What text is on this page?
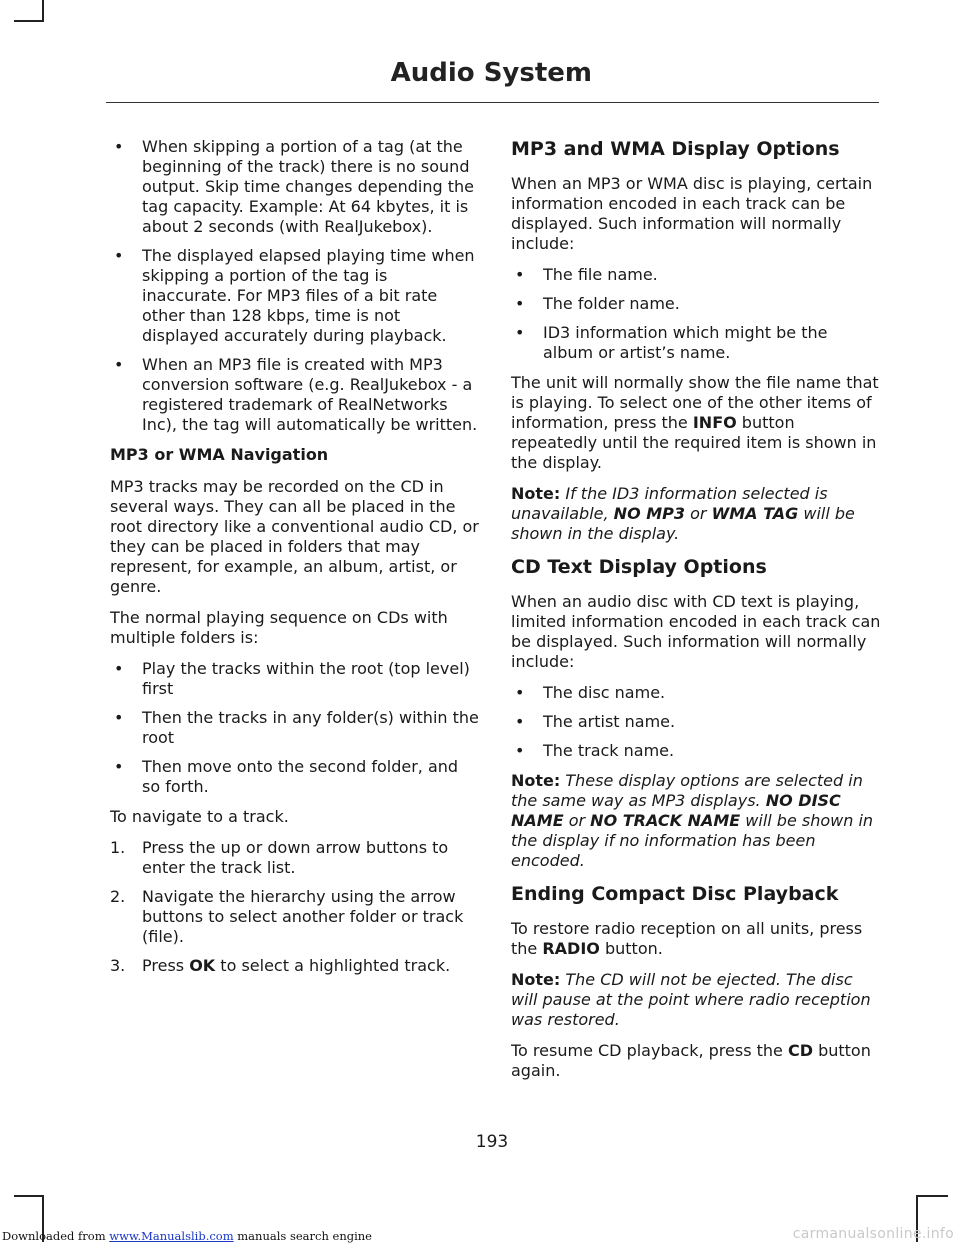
Audio System
• When skipping a portion of a tag (at the beginning of the track) there is no sound output. Skip time changes depending the tag capacity. Example: At 64 kbytes, it is about 2 seconds (with RealJukebox).
• The displayed elapsed playing time when skipping a portion of the tag is inaccurate. For MP3 files of a bit rate other than 128 kbps, time is not displayed accurately during playback.
• When an MP3 file is created with MP3 conversion software (e.g. RealJukebox - a registered trademark of RealNetworks Inc), the tag will automatically be written.
MP3 or WMA Navigation

MP3 tracks may be recorded on the CD in several ways. They can all be placed in the root directory like a conventional audio CD, or they can be placed in folders that may represent, for example, an album, artist, or genre.

The normal playing sequence on CDs with multiple folders is:

• Play the tracks within the root (top level) first
• Then the tracks in any folder(s) within the root
• Then move onto the second folder, and so forth.

To navigate to a track.

1. Press the up or down arrow buttons to enter the track list.
2. Navigate the hierarchy using the arrow buttons to select another folder or track (file).
3. Press OK to select a highlighted track.
MP3 and WMA Display Options

When an MP3 or WMA disc is playing, certain information encoded in each track can be displayed. Such information will normally include:

• The file name.
• The folder name.
• ID3 information which might be the album or artist’s name.

The unit will normally show the file name that is playing. To select one of the other items of information, press the INFO button repeatedly until the required item is shown in the display.

Note: If the ID3 information selected is unavailable, NO MP3 or WMA TAG will be shown in the display.

CD Text Display Options

When an audio disc with CD text is playing, limited information encoded in each track can be displayed. Such information will normally include:

• The disc name.
• The artist name.
• The track name.

Note: These display options are selected in the same way as MP3 displays. NO DISC NAME or NO TRACK NAME will be shown in the display if no information has been encoded.

Ending Compact Disc Playback

To restore radio reception on all units, press the RADIO button.

Note: The CD will not be ejected. The disc will pause at the point where radio reception was restored.

To resume CD playback, press the CD button again.

193
Downloaded from www.Manualslib.com manuals search engine	carmanualsonline.info
